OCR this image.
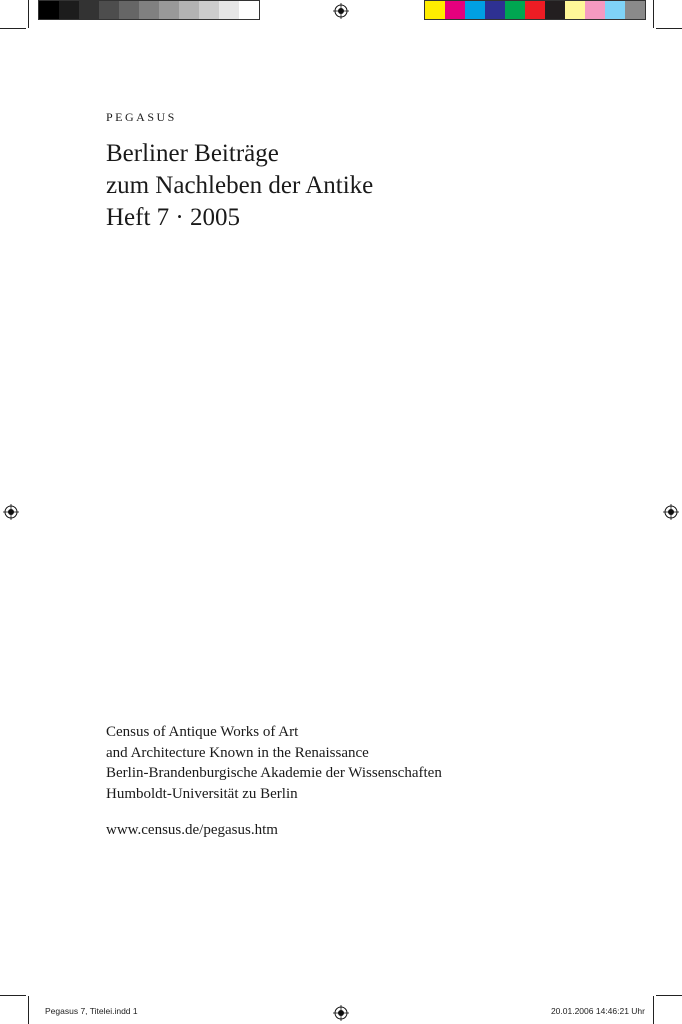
pegasus

Berliner Beiträge
zum Nachleben der Antike
Heft 7 · 2005
Census of Antique Works of Art
and Architecture Known in the Renaissance
Berlin-Brandenburgische Akademie der Wissenschaften
Humboldt-Universität zu Berlin
www.census.de/pegasus.htm
Pegasus 7, Titelei.indd 1	20.01.2006 14:46:21 Uhr
